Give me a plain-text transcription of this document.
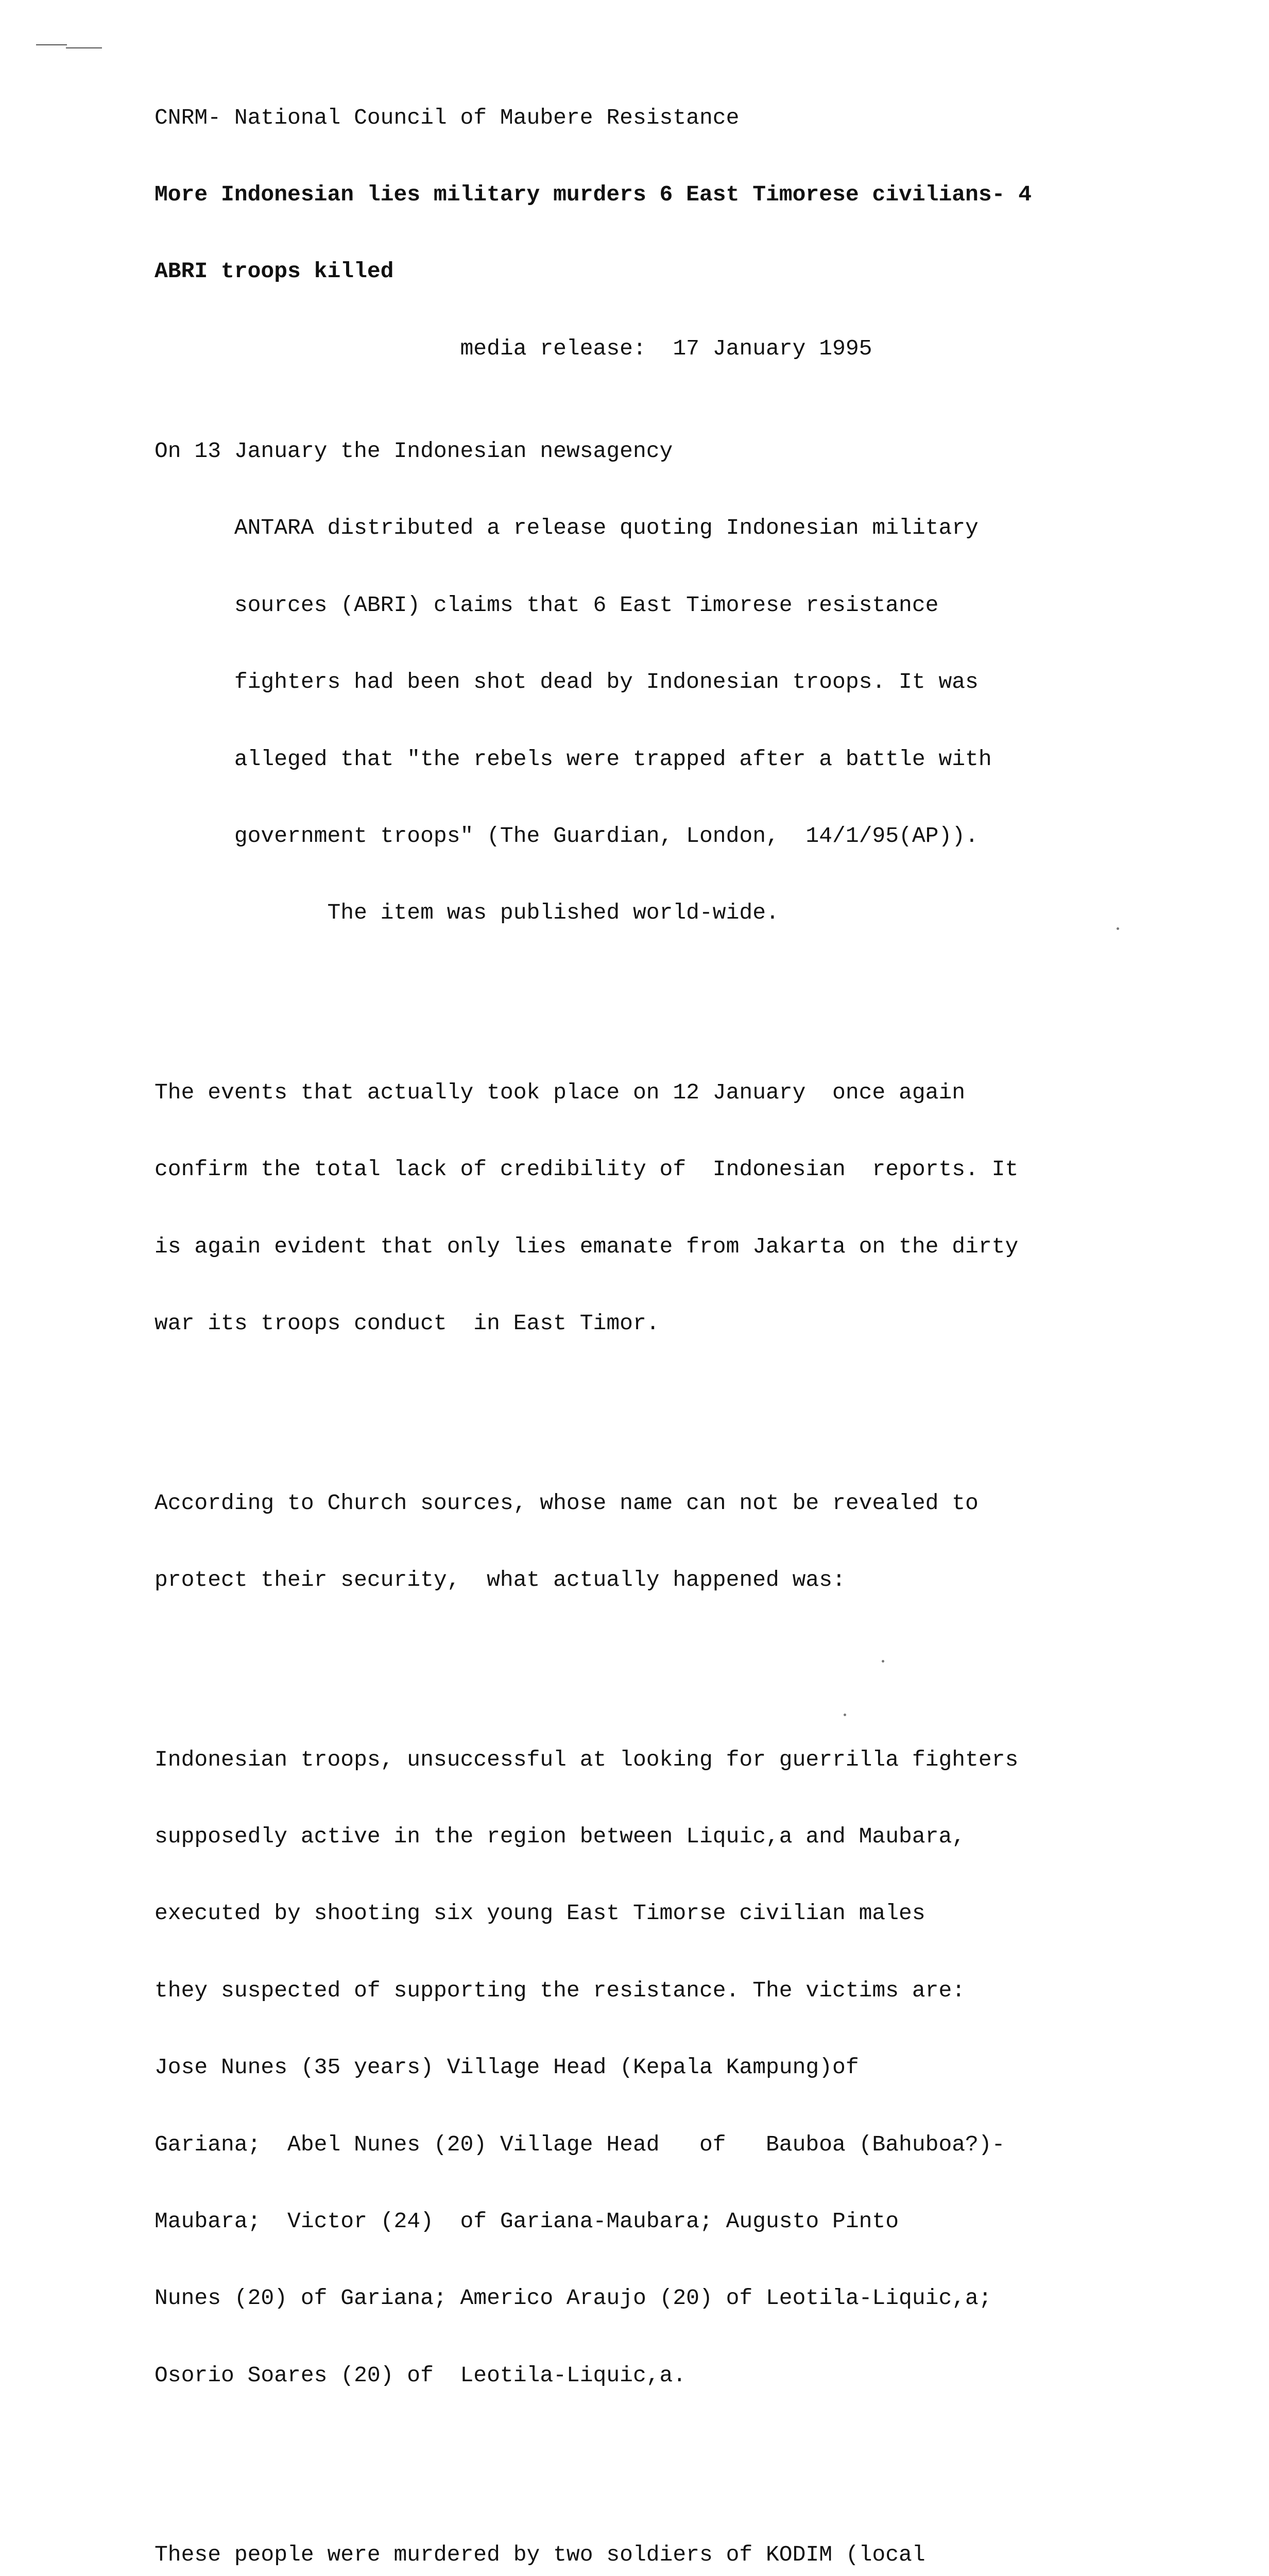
CNRM- National Council of Maubere Resistance

More Indonesian lies military murders 6 East Timorese civilians- 4

ABRI troops killed

media release:  17 January 1995

On 13 January the Indonesian newsagency

ANTARA distributed a release quoting Indonesian military

sources (ABRI) claims that 6 East Timorese resistance

fighters had been shot dead by Indonesian troops. It was

alleged that "the rebels were trapped after a battle with

government troops" (The Guardian, London,  14/1/95(AP)).

The item was published world-wide.

The events that actually took place on 12 January  once again

confirm the total lack of credibility of  Indonesian  reports. It

is again evident that only lies emanate from Jakarta on the dirty

war its troops conduct  in East Timor.

According to Church sources, whose name can not be revealed to

protect their security,  what actually happened was:

Indonesian troops, unsuccessful at looking for guerrilla fighters

supposedly active in the region between Liquic,a and Maubara,

executed by shooting six young East Timorse civilian males

they suspected of supporting the resistance. The victims are:

Jose Nunes (35 years) Village Head (Kepala Kampung)of

Gariana;  Abel Nunes (20) Village Head   of   Bauboa (Bahuboa?)-

Maubara;  Victor (24)  of Gariana-Maubara; Augusto Pinto

Nunes (20) of Gariana; Americo Araujo (20) of Leotila-Liquic,a;

Osorio Soares (20) of  Leotila-Liquic,a.

These people were murdered by two soldiers of KODIM (local
